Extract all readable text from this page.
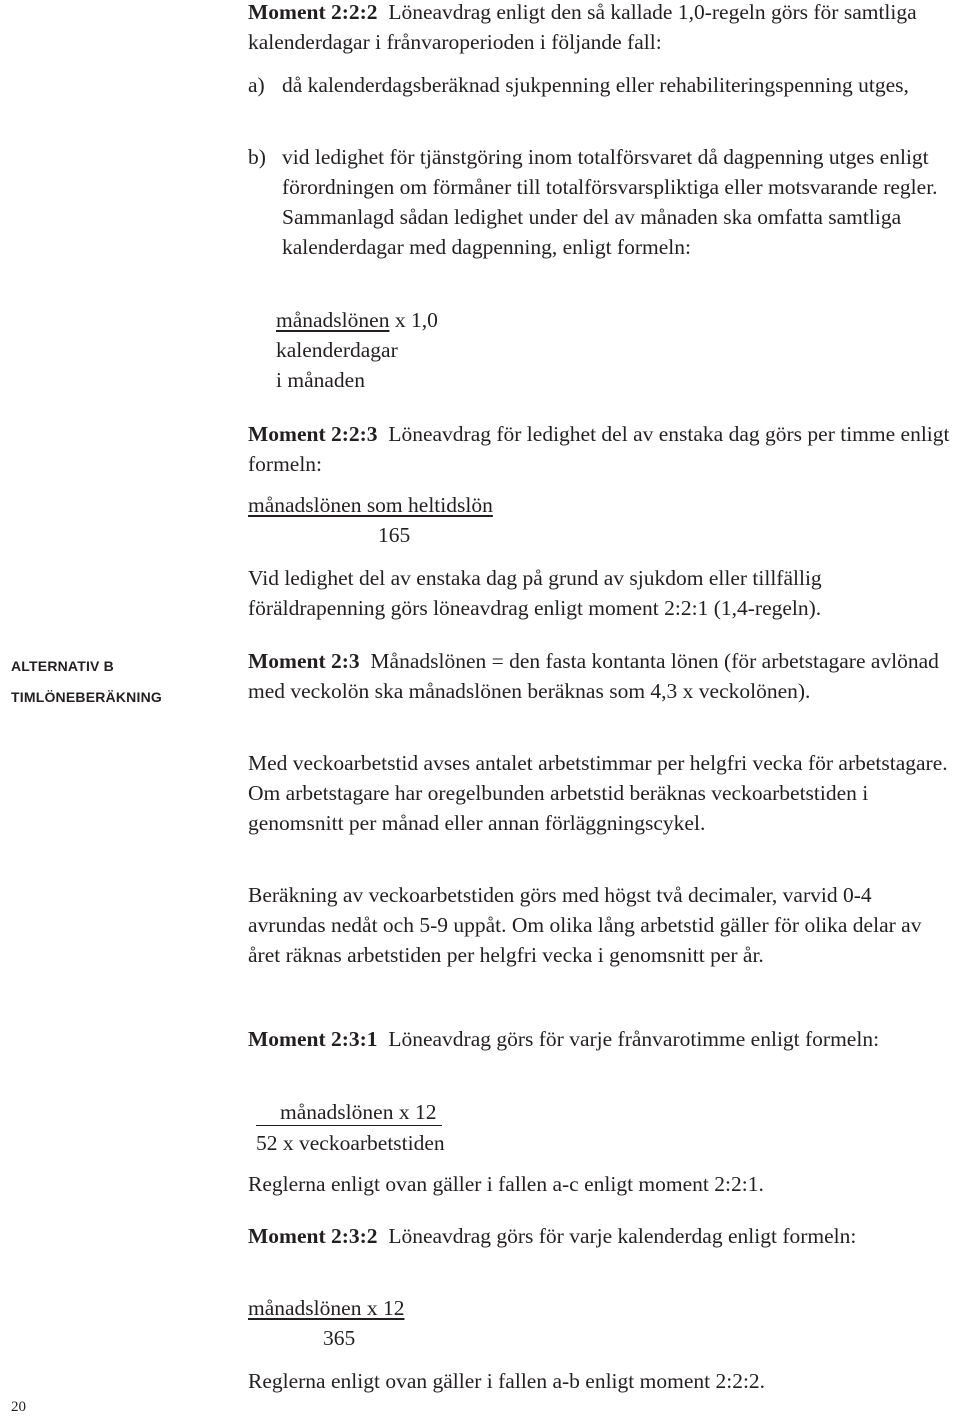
ALTERNATIV B
TIMLÖNEBERÄKNING
20

Moment 2:2:2 Löneavdrag enligt den så kallade 1,0-regeln görs för samtliga kalenderdagar i frånvaroperioden i följande fall:

a) då kalenderdagsberäknad sjukpenning eller rehabiliteringspenning utges,

b) vid ledighet för tjänstgöring inom totalförsvaret då dagpenning utges enligt förordningen om förmåner till totalförsvarspliktiga eller motsvarande regler. Sammanlagd sådan ledighet under del av månaden ska omfatta samtliga kalenderdagar med dagpenning, enligt formeln:

månadslönen x 1,0
kalenderdagar
i månaden

Moment 2:2:3 Löneavdrag för ledighet del av enstaka dag görs per timme enligt formeln:

månadslönen som heltidslön
165

Vid ledighet del av enstaka dag på grund av sjukdom eller tillfällig föräldrapenning görs löneavdrag enligt moment 2:2:1 (1,4-regeln).

Moment 2:3 Månadslönen = den fasta kontanta lönen (för arbetstagare avlönad med veckolön ska månadslönen beräknas som 4,3 x veckolönen).

Med veckoarbetstid avses antalet arbetstimmar per helgfri vecka för arbetstagare. Om arbetstagare har oregelbunden arbetstid beräknas veckoarbetstiden i genomsnitt per månad eller annan förläggningscykel.

Beräkning av veckoarbetstiden görs med högst två decimaler, varvid 0-4 avrundas nedåt och 5-9 uppåt. Om olika lång arbetstid gäller för olika delar av året räknas arbetstiden per helgfri vecka i genomsnitt per år.

Moment 2:3:1 Löneavdrag görs för varje frånvarotimme enligt formeln:

månadslönen x 12
52 x veckoarbetstiden

Reglerna enligt ovan gäller i fallen a-c enligt moment 2:2:1.

Moment 2:3:2 Löneavdrag görs för varje kalenderdag enligt formeln:

månadslönen x 12
365

Reglerna enligt ovan gäller i fallen a-b enligt moment 2:2:2.
